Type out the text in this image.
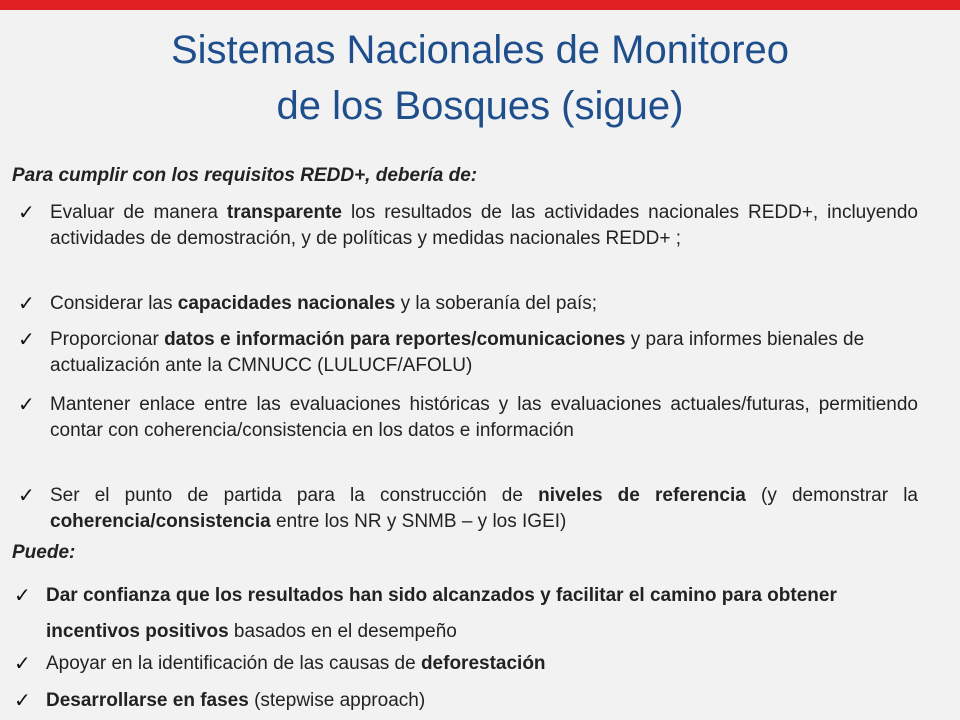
Sistemas Nacionales de Monitoreo
de los Bosques (sigue)
Para cumplir con los requisitos REDD+, debería de:
✓ Evaluar de manera transparente los resultados de las actividades nacionales REDD+, incluyendo actividades de demostración, y de políticas y medidas nacionales REDD+ ;
✓ Considerar las capacidades nacionales y la soberanía del país;
✓ Proporcionar datos e información para reportes/comunicaciones y para informes bienales de actualización ante la CMNUCC (LULUCF/AFOLU)
✓ Mantener enlace entre las evaluaciones históricas y las evaluaciones actuales/futuras, permitiendo contar con coherencia/consistencia en los datos e información
✓ Ser el punto de partida para la construcción de niveles de referencia (y demonstrar la coherencia/consistencia entre los NR y SNMB – y los IGEI)
Puede:
✓ Dar confianza que los resultados han sido alcanzados y facilitar el camino para obtener incentivos positivos basados en el desempeño
✓ Apoyar en la identificación de las causas de deforestación
✓ Desarrollarse en fases (stepwise approach)
